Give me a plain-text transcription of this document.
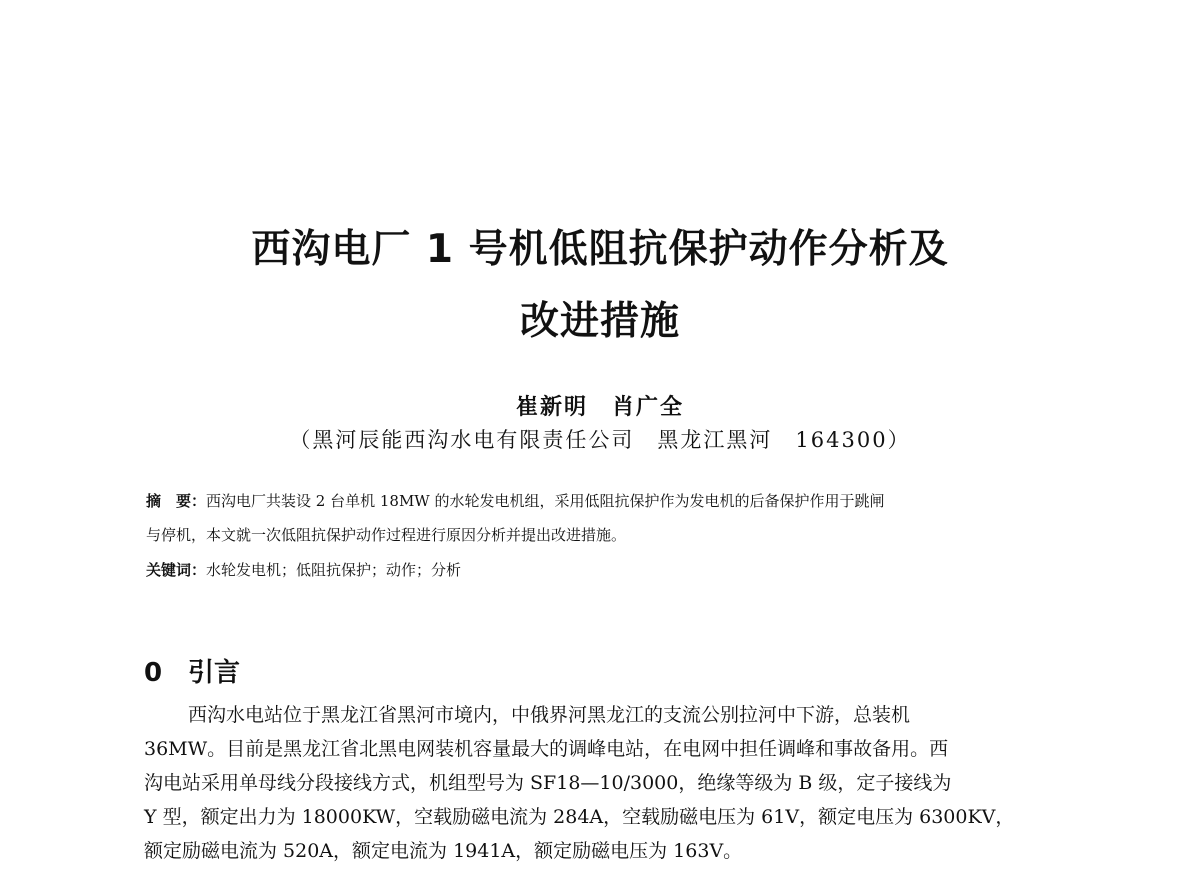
西沟电厂 1 号机低阻抗保护动作分析及
改进措施
崔新明　肖广全
（黑河辰能西沟水电有限责任公司　黑龙江黑河　164300）
摘　要：西沟电厂共装设 2 台单机 18MW 的水轮发电机组，采用低阻抗保护作为发电机的后备保护作用于跳闸
与停机，本文就一次低阻抗保护动作过程进行原因分析并提出改进措施。
关键词：水轮发电机；低阻抗保护；动作；分析
0 引言
西沟水电站位于黑龙江省黑河市境内，中俄界河黑龙江的支流公别拉河中下游，总装机
36MW。目前是黑龙江省北黑电网装机容量最大的调峰电站，在电网中担任调峰和事故备用。西
沟电站采用单母线分段接线方式，机组型号为 SF18—10/3000，绝缘等级为 B 级，定子接线为
Y 型，额定出力为 18000KW，空载励磁电流为 284A，空载励磁电压为 61V，额定电压为 6300KV，
额定励磁电流为 520A，额定电流为 1941A，额定励磁电压为 163V。
